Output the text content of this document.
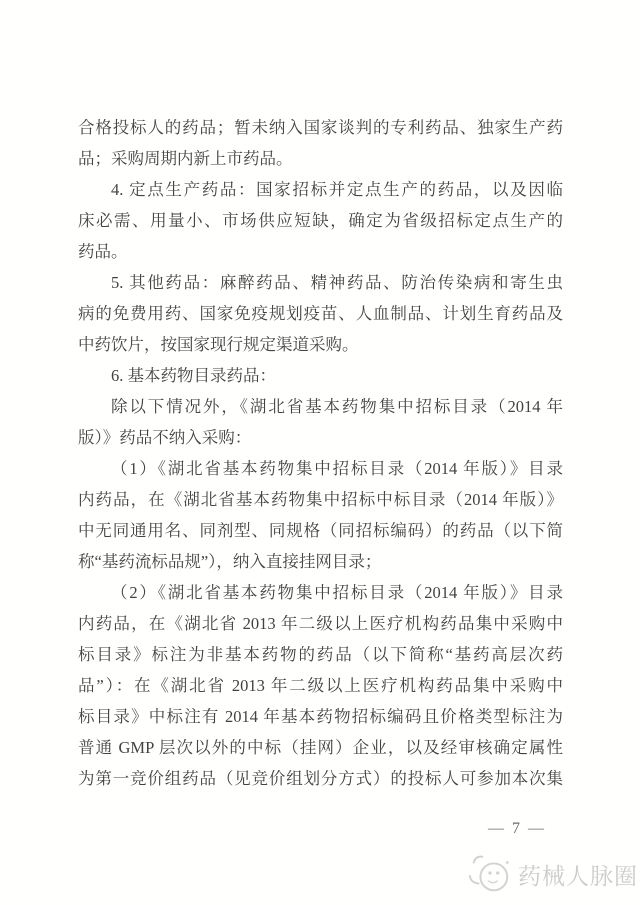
合格投标人的药品；暂未纳入国家谈判的专利药品、独家生产药
品；采购周期内新上市药品。
4. 定点生产药品：国家招标并定点生产的药品，以及因临
床必需、用量小、市场供应短缺，确定为省级招标定点生产的
药品。
5. 其他药品：麻醉药品、精神药品、防治传染病和寄生虫
病的免费用药、国家免疫规划疫苗、人血制品、计划生育药品及
中药饮片，按国家现行规定渠道采购。
6. 基本药物目录药品：
除以下情况外，《湖北省基本药物集中招标目录（2014 年
版）》药品不纳入采购：
（1）《湖北省基本药物集中招标目录（2014 年版）》目录
内药品，在《湖北省基本药物集中招标中标目录（2014 年版）》
中无同通用名、同剂型、同规格（同招标编码）的药品（以下简
称“基药流标品规”），纳入直接挂网目录；
（2）《湖北省基本药物集中招标目录（2014 年版）》目录
内药品，在《湖北省 2013 年二级以上医疗机构药品集中采购中
标目录》标注为非基本药物的药品（以下简称“基药高层次药
品”）：在《湖北省 2013 年二级以上医疗机构药品集中采购中
标目录》中标注有 2014 年基本药物招标编码且价格类型标注为
普通 GMP 层次以外的中标（挂网）企业，以及经审核确定属性
为第一竞价组药品（见竞价组划分方式）的投标人可参加本次集
— 7 —
药械人脉圈
